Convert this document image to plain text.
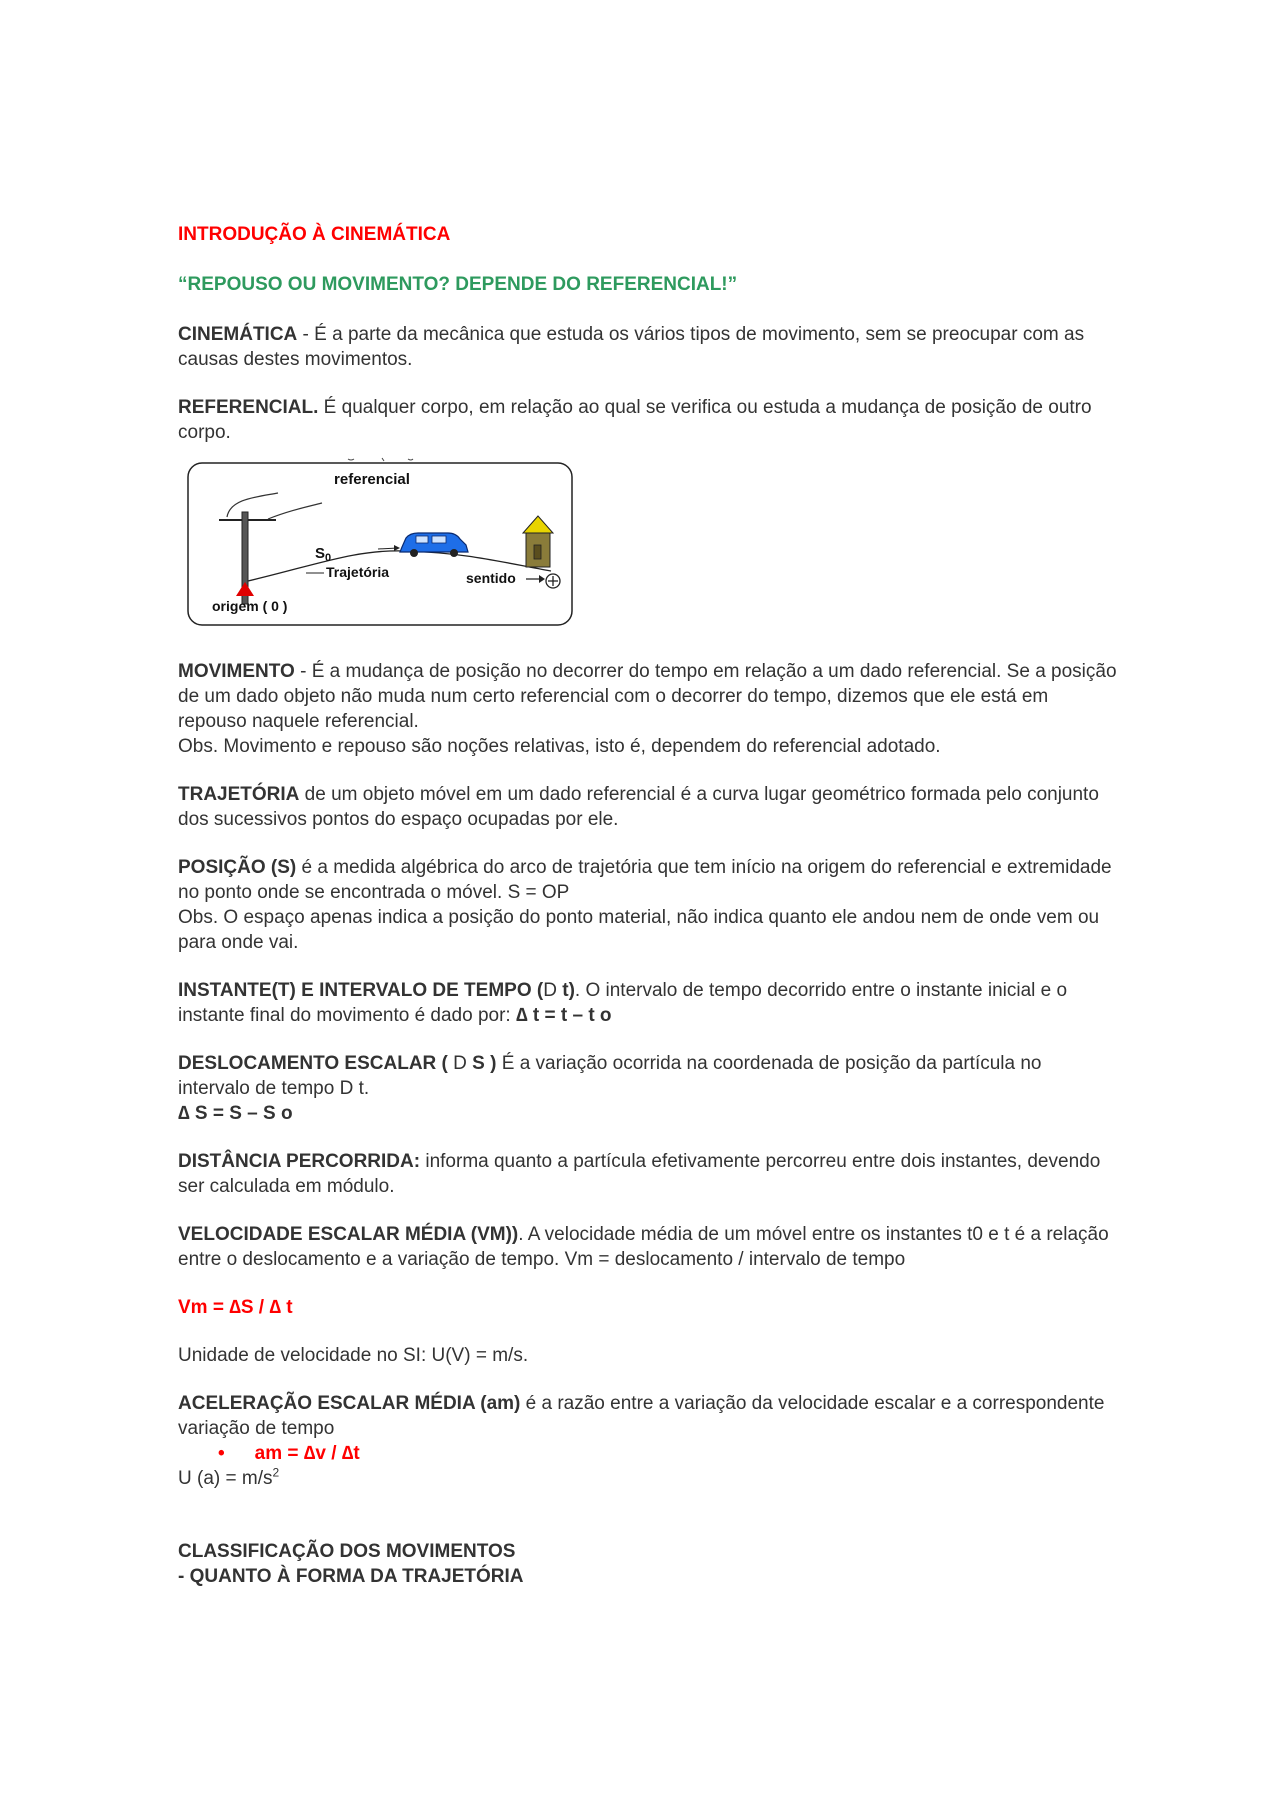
INTRODUÇÃO À CINEMÁTICA

“REPOUSO OU MOVIMENTO? DEPENDE DO REFERENCIAL!”

CINEMÁTICA - É a parte da mecânica que estuda os vários tipos de movimento, sem se preocupar com as causas destes movimentos.

REFERENCIAL. É qualquer corpo, em relação ao qual se verifica ou estuda a mudança de posição de outro corpo.

referencial
$S_0$
Trajetória	sentido
origem ( 0 )

MOVIMENTO - É a mudança de posição no decorrer do tempo em relação a um dado referencial. Se a posição de um dado objeto não muda num certo referencial com o decorrer do tempo, dizemos que ele está em repouso naquele referencial.

Obs. Movimento e repouso são noções relativas, isto é, dependem do referencial adotado.

TRAJETÓRIA de um objeto móvel em um dado referencial é a curva lugar geométrico formada pelo conjunto dos sucessivos pontos do espaço ocupadas por ele.

POSIÇÃO (S) é a medida algébrica do arco de trajetória que tem início na origem do referencial e extremidade no ponto onde se encontrada o móvel. S = OP

Obs. O espaço apenas indica a posição do ponto material, não indica quanto ele andou nem de onde vem ou para onde vai.

INSTANTE(T) E INTERVALO DE TEMPO (D t). O intervalo de tempo decorrido entre o instante inicial e o instante final do movimento é dado por: ∆ t = t – t o

DESLOCAMENTO ESCALAR ( D S ) É a variação ocorrida na coordenada de posição da partícula no intervalo de tempo D t.

∆ S = S – S o

DISTÂNCIA PERCORRIDA: informa quanto a partícula efetivamente percorreu entre dois instantes, devendo ser calculada em módulo.

VELOCIDADE ESCALAR MÉDIA (VM)). A velocidade média de um móvel entre os instantes t0 e t é a relação entre o deslocamento e a variação de tempo. Vm = deslocamento / intervalo de tempo

Vm = ∆S / ∆ t

Unidade de velocidade no SI: U(V) = m/s.

ACELERAÇÃO ESCALAR MÉDIA (am) é a razão entre a variação da velocidade escalar e a correspondente variação de tempo

• am = ∆v / ∆t

U $(a) = m/s^2$

CLASSIFICAÇÃO DOS MOVIMENTOS

- QUANTO À FORMA DA TRAJETÓRIA
